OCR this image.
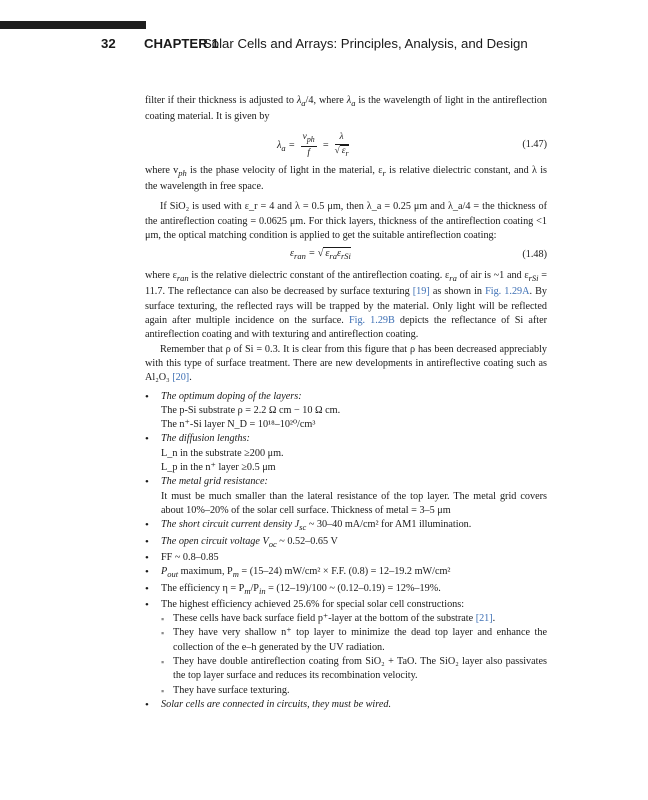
32 CHAPTER 1
Solar Cells and Arrays: Principles, Analysis, and Design

filter if their thickness is adjusted to $\lambda_a/4$, where $\lambda_a$ is the wavelength of light in the antireflection coating material. It is given by

$\lambda_a = \frac{v_{ph}}{f} = \frac{\lambda}{√ \varepsilon_r}$	(1.47)

where $v_{ph}$ is the phase velocity of light in the material, $\varepsilon_r$ is relative dielectric constant, and λ is the wavelength in free space.

If SiO₂ is used with ε_r = 4 and λ = 0.5 μm, then λ_a = 0.25 μm and λ_a/4 = the thickness of the antireflection coating = 0.0625 μm. For thick layers, thickness of the antireflection coating <1 μm, the optical matching condition is applied to get the suitable antireflection coating:

$\varepsilon_{ran}$ = √ $\varepsilon_{ra}\varepsilon_{rSi}$	(1.48)

where $\varepsilon_{ran}$ is the relative dielectric constant of the antireflection coating. $\varepsilon_{ra}$ of air is ~1 and $\varepsilon_{rSi} = 11.7$. The reflectance can also be decreased by surface texturing [19] as shown in Fig. 1.29A. By surface texturing, the reflected rays will be trapped by the material. Only light will be reflected again after multiple incidence on the surface. Fig. 1.29B depicts the reflectance of Si after antireflection coating and with texturing and antireflection coating.

Remember that ρ of Si = 0.3. It is clear from this figure that ρ has been decreased appreciably with this type of surface treatment. There are new developments in antireflective coating such as Al₂O₃ [20].

• The optimum doping of the layers:
The p-Si substrate ρ = 2.2 Ω cm − 10 Ω cm.
The n⁺-Si layer N_D = 10¹⁸–10²⁰/cm³
• The diffusion lengths:
L_n in the substrate ≥200 μm.
L_p in the n⁺ layer ≥0.5 μm
• The metal grid resistance:
It must be much smaller than the lateral resistance of the top layer. The metal grid covers about 10%–20% of the solar cell surface. Thickness of metal = 3–5 μm
• The short circuit current density $J_{sc}$ ~ 30–40 mA/cm² for AM1 illumination.
• The open circuit voltage $V_{oc}$ ~ 0.52–0.65 V
• FF ~ 0.8–0.85
• $P_{out}$ maximum, $P_m = (15-24) mW/cm^2 \times F.F$. (0.8) = 12–19.2 mW/cm²
• The efficiency $\eta = P_m/P_{in} = (12-19)/100$ ~ (0.12–0.19) = 12%–19%.
• The highest efficiency achieved 25.6% for special solar cell constructions:
▪ These cells have back surface field p⁺-layer at the bottom of the substrate [21].
▪ They have very shallow n⁺ top layer to minimize the dead top layer and enhance the collection of the e–h generated by the UV radiation.
▪ They have double antireflection coating from SiO₂ + TaO. The SiO₂ layer also passivates the top layer surface and reduces its recombination velocity.
▪ They have surface texturing.
• Solar cells are connected in circuits, they must be wired.
